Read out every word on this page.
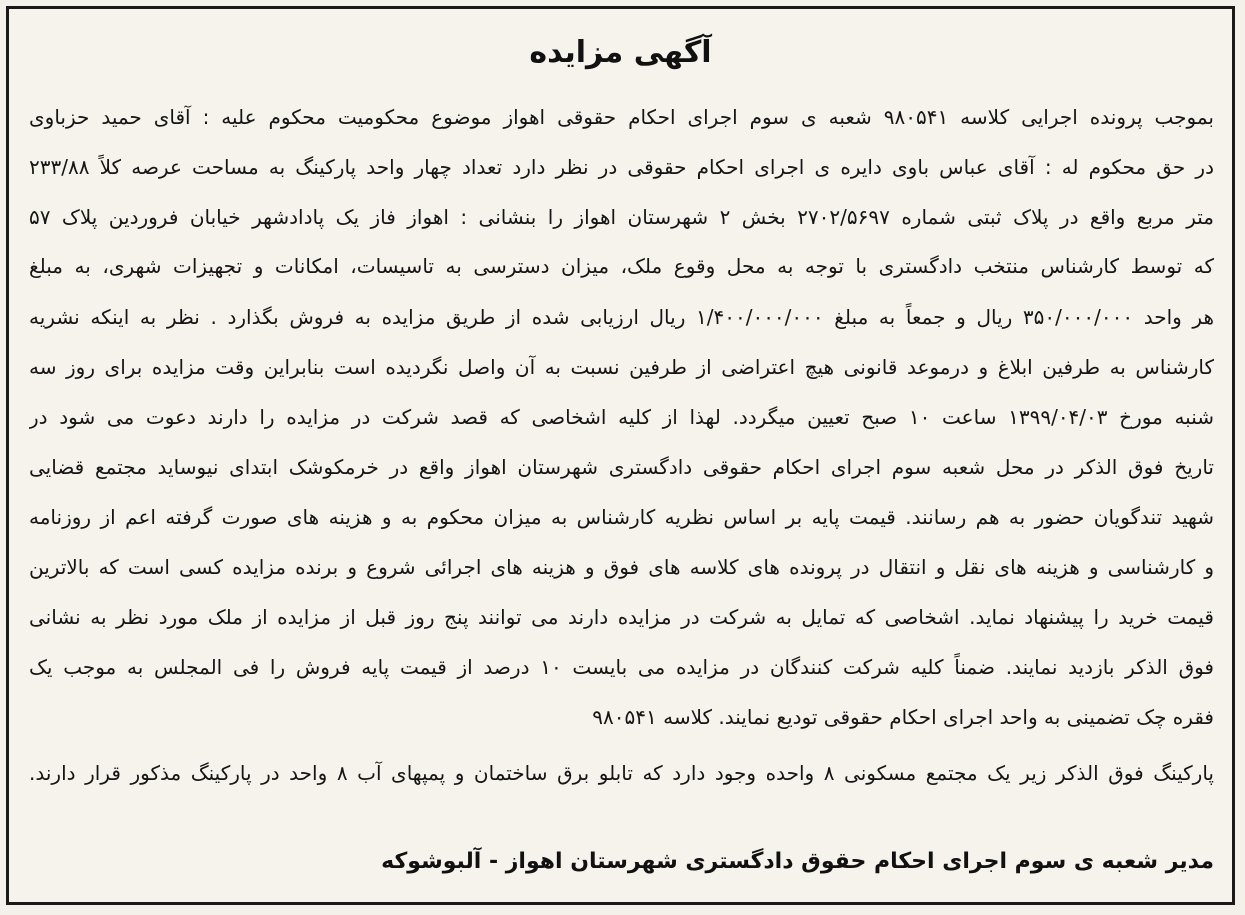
آگهی مزایده
بموجب پرونده اجرایی کلاسه ۹۸۰۵۴۱ شعبه ی سوم اجرای احکام حقوقی اهواز موضوع محکومیت محکوم علیه : آقای حمید حزباوی
در حق محکوم له : آقای عباس باوی دایره ی اجرای احکام حقوقی در نظر دارد تعداد چهار واحد پارکینگ به مساحت عرصه کلاً ۲۳۳/۸۸
متر مربع واقع در پلاک ثبتی شماره ۲۷۰۲/۵۶۹۷ بخش ۲ شهرستان اهواز را بنشانی : اهواز فاز یک پادادشهر خیابان فروردین پلاک ۵۷
که توسط کارشناس منتخب دادگستری با توجه به محل وقوع ملک، میزان دسترسی به تاسیسات، امکانات و تجهیزات شهری، به مبلغ
هر واحد ۳۵۰/۰۰۰/۰۰۰ ریال و جمعاً به مبلغ ۱/۴۰۰/۰۰۰/۰۰۰ ریال ارزیابی شده از طریق مزایده به فروش بگذارد . نظر به اینکه نشریه
کارشناس به طرفین ابلاغ و درموعد قانونی هیچ اعتراضی از طرفین نسبت به آن واصل نگردیده است بنابراین وقت مزایده برای روز سه
شنبه مورخ ۱۳۹۹/۰۴/۰۳ ساعت ۱۰ صبح تعیین میگردد. لهذا از کلیه اشخاصی که قصد شرکت در مزایده را دارند دعوت می شود در
تاریخ فوق الذکر در محل شعبه سوم اجرای احکام حقوقی دادگستری شهرستان اهواز واقع در خرمکوشک ابتدای نیوساید مجتمع قضایی
شهید تندگویان حضور به هم رسانند. قیمت پایه بر اساس نظریه کارشناس به میزان محکوم به و هزینه های صورت گرفته اعم از روزنامه
و کارشناسی و هزینه های نقل و انتقال در پرونده های کلاسه های فوق و هزینه های اجرائی شروع و برنده مزایده کسی است که بالاترین
قیمت خرید را پیشنهاد نماید. اشخاصی که تمایل به شرکت در مزایده دارند می توانند پنج روز قبل از مزایده از ملک مورد نظر به نشانی
فوق الذکر بازدید نمایند. ضمناً کلیه شرکت کنندگان در مزایده می بایست ۱۰ درصد از قیمت پایه فروش را فی المجلس به موجب یک
فقره چک تضمینی به واحد اجرای احکام حقوقی تودیع نمایند. کلاسه ۹۸۰۵۴۱
پارکینگ فوق الذکر زیر یک مجتمع مسکونی ۸ واحده وجود دارد که تابلو برق ساختمان و پمپهای آب ۸ واحد در پارکینگ مذکور قرار دارند.
مدیر شعبه ی سوم اجرای احکام حقوق دادگستری شهرستان اهواز - آلبوشوکه
